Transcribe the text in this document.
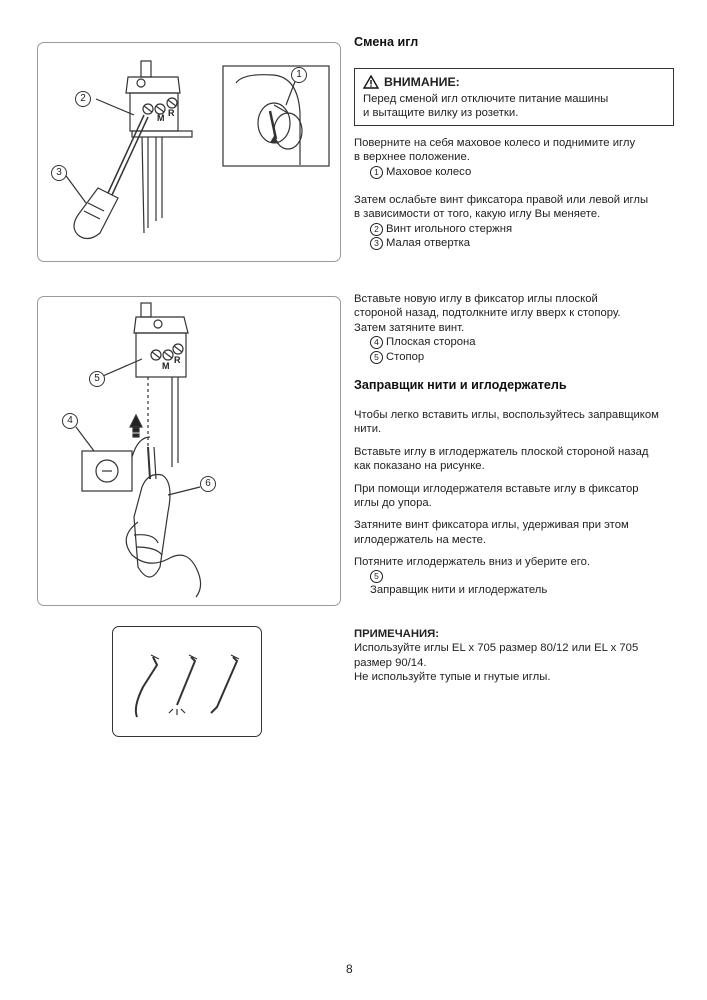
M R
2
3
1
M
R
5
4
6
Смена игл
ВНИМАНИЕ:
Перед сменой игл отключите питание машины
и вытащите вилку из розетки.
Поверните на себя маховое колесо и поднимите иглу
в верхнее положение.
1 Маховое колесо
Затем ослабьте винт фиксатора правой или левой иглы
в зависимости от того, какую иглу Вы меняете.
2 Винт игольного стержня
3 Малая отвертка
Вставьте новую иглу в фиксатор иглы плоской
стороной назад, подтолкните иглу вверх к стопору.
Затем затяните винт.
4 Плоская сторона
5 Стопор
Заправщик нити и иглодержатель
Чтобы легко вставить иглы, воспользуйтесь заправщиком
нити.
Вставьте иглу в иглодержатель плоской стороной назад
как показано на рисунке.
При помощи иглодержателя вставьте иглу в фиксатор
иглы до упора.
Затяните винт фиксатора иглы, удерживая при этом
иглодержатель на месте.
Потяните иглодержатель вниз и уберите его.
5
Заправщик нити и иглодержатель
ПРИМЕЧАНИЯ:
Используйте иглы EL x 705 размер 80/12 или EL x 705
размер 90/14.
Не используйте тупые и гнутые иглы.
8
